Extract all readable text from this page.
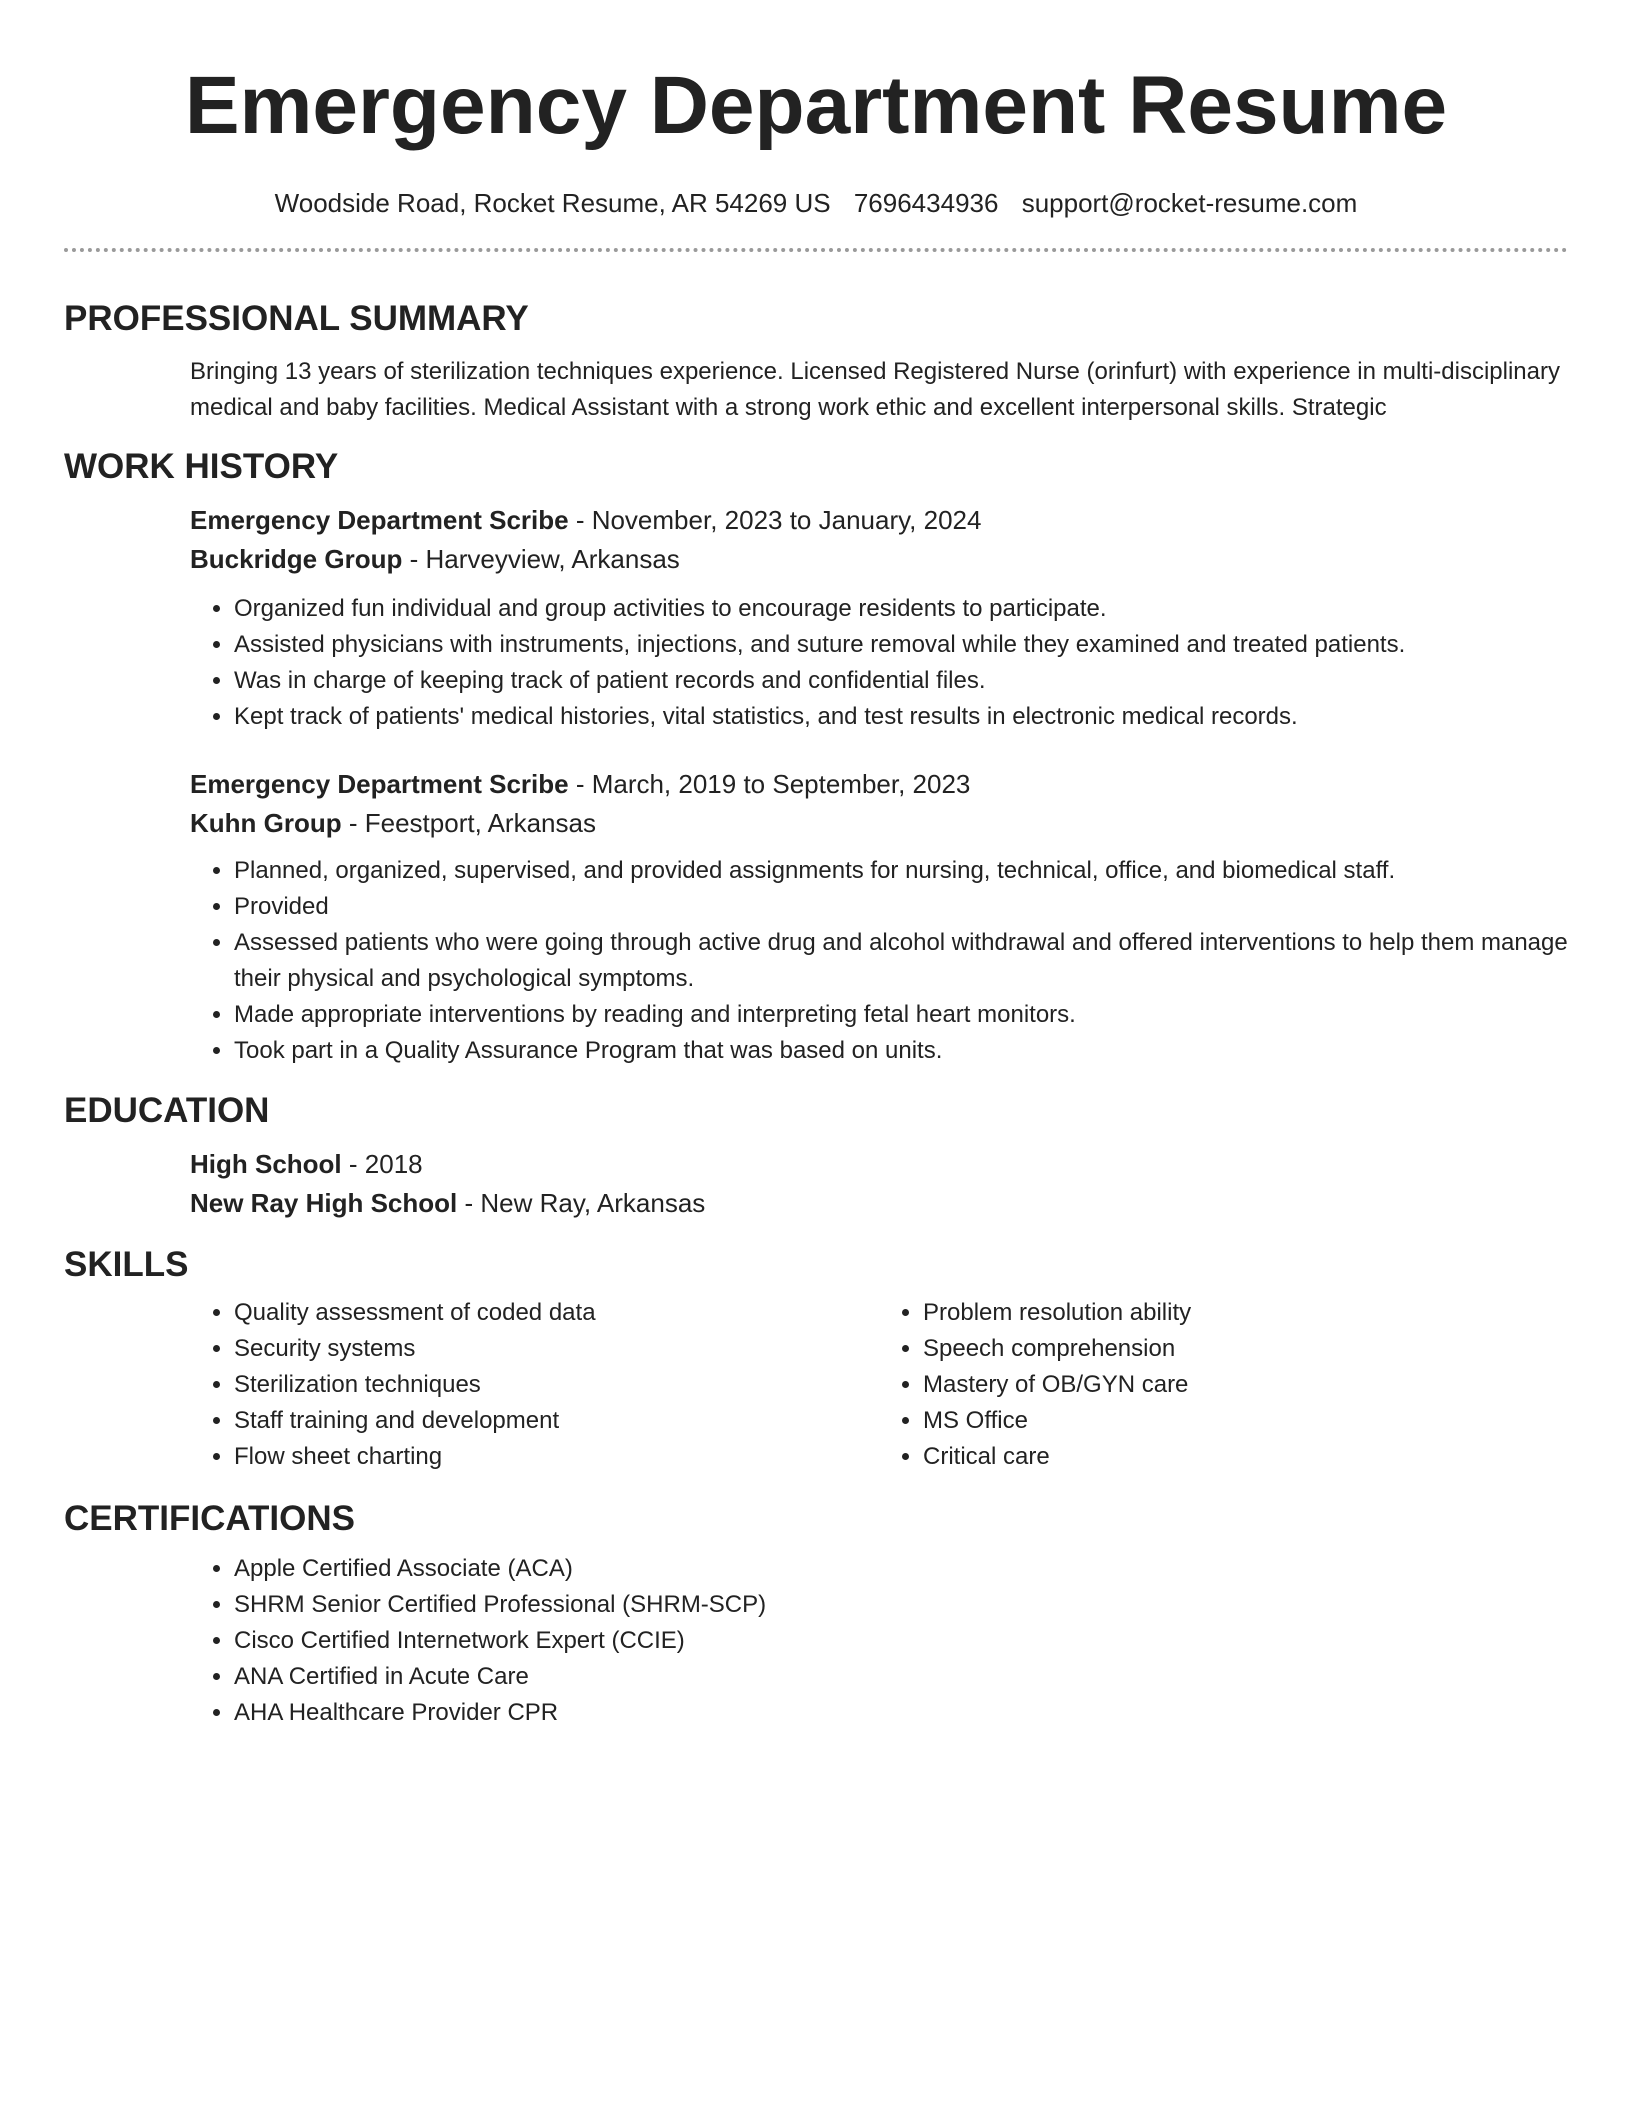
Emergency Department Resume
Woodside Road, Rocket Resume, AR 54269 US 7696434936 support@rocket-resume.com
PROFESSIONAL SUMMARY

Bringing 13 years of sterilization techniques experience. Licensed Registered Nurse (orinfurt) with experience in multi-disciplinary medical and baby facilities. Medical Assistant with a strong work ethic and excellent interpersonal skills. Strategic

WORK HISTORY

Emergency Department Scribe - November, 2023 to January, 2024

Buckridge Group - Harveyview, Arkansas

• Organized fun individual and group activities to encourage residents to participate.
• Assisted physicians with instruments, injections, and suture removal while they examined and treated patients.
• Was in charge of keeping track of patient records and confidential files.
• Kept track of patients' medical histories, vital statistics, and test results in electronic medical records.

Emergency Department Scribe - March, 2019 to September, 2023

Kuhn Group - Feestport, Arkansas

• Planned, organized, supervised, and provided assignments for nursing, technical, office, and biomedical staff.
• Provided
• Assessed patients who were going through active drug and alcohol withdrawal and offered interventions to help them manage their physical and psychological symptoms.
• Made appropriate interventions by reading and interpreting fetal heart monitors.
• Took part in a Quality Assurance Program that was based on units.
EDUCATION

High School - 2018

New Ray High School - New Ray, Arkansas

SKILLS
• Quality assessment of coded data
• Security systems
• Sterilization techniques
• Staff training and development
• Flow sheet charting
• Problem resolution ability
• Speech comprehension
• Mastery of OB/GYN care
• MS Office
• Critical care
CERTIFICATIONS
• Apple Certified Associate (ACA)
• SHRM Senior Certified Professional (SHRM-SCP)
• Cisco Certified Internetwork Expert (CCIE)
• ANA Certified in Acute Care
• AHA Healthcare Provider CPR
